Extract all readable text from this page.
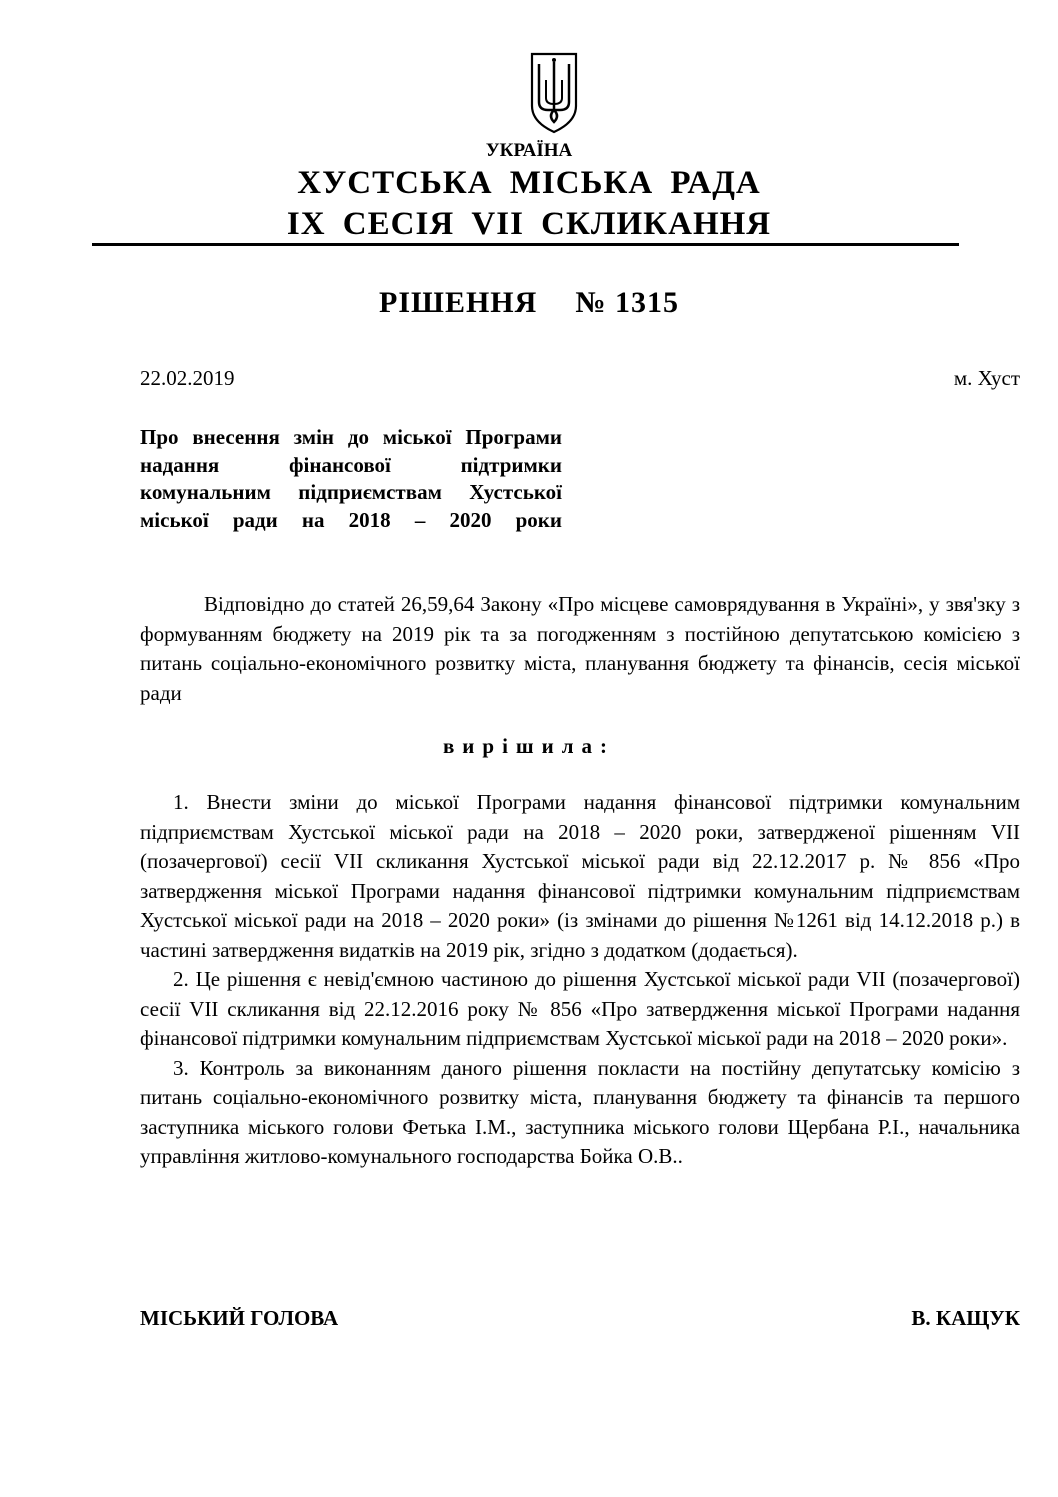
УКРАЇНА
ХУСТСЬКА МІСЬКА РАДА
IX СЕСІЯ VII СКЛИКАННЯ
РІШЕННЯ № 1315
22.02.2019	м. Хуст
Про внесення змін до міської Програми
надання фінансової підтримки
комунальним підприємствам Хустської
міської ради на 2018 – 2020 роки

Відповідно до статей 26,59,64 Закону «Про місцеве самоврядування в Україні», у звя'зку з формуванням бюджету на 2019 рік та за погодженням з постійною депутатською комісією з питань соціально-економічного розвитку міста, планування бюджету та фінансів, сесія міської ради

вирішила:

1. Внести зміни до міської Програми надання фінансової підтримки комунальним підприємствам Хустської міської ради на 2018 – 2020 роки, затвердженої рішенням VII (позачергової) сесії VII скликання Хустської міської ради від 22.12.2017 р. № 856 «Про затвердження міської Програми надання фінансової підтримки комунальним підприємствам Хустської міської ради на 2018 – 2020 роки» (із змінами до рішення №1261 від 14.12.2018 р.) в частині затвердження видатків на 2019 рік, згідно з додатком (додається).

2. Це рішення є невід'ємною частиною до рішення Хустської міської ради VII (позачергової) сесії VII скликання від 22.12.2016 року № 856 «Про затвердження міської Програми надання фінансової підтримки комунальним підприємствам Хустської міської ради на 2018 – 2020 роки».

3. Контроль за виконанням даного рішення покласти на постійну депутатську комісію з питань соціально-економічного розвитку міста, планування бюджету та фінансів та першого заступника міського голови Фетька І.М., заступника міського голови Щербана Р.І., начальника управління житлово-комунального господарства Бойка О.В..

МІСЬКИЙ ГОЛОВА	В. КАЩУК
